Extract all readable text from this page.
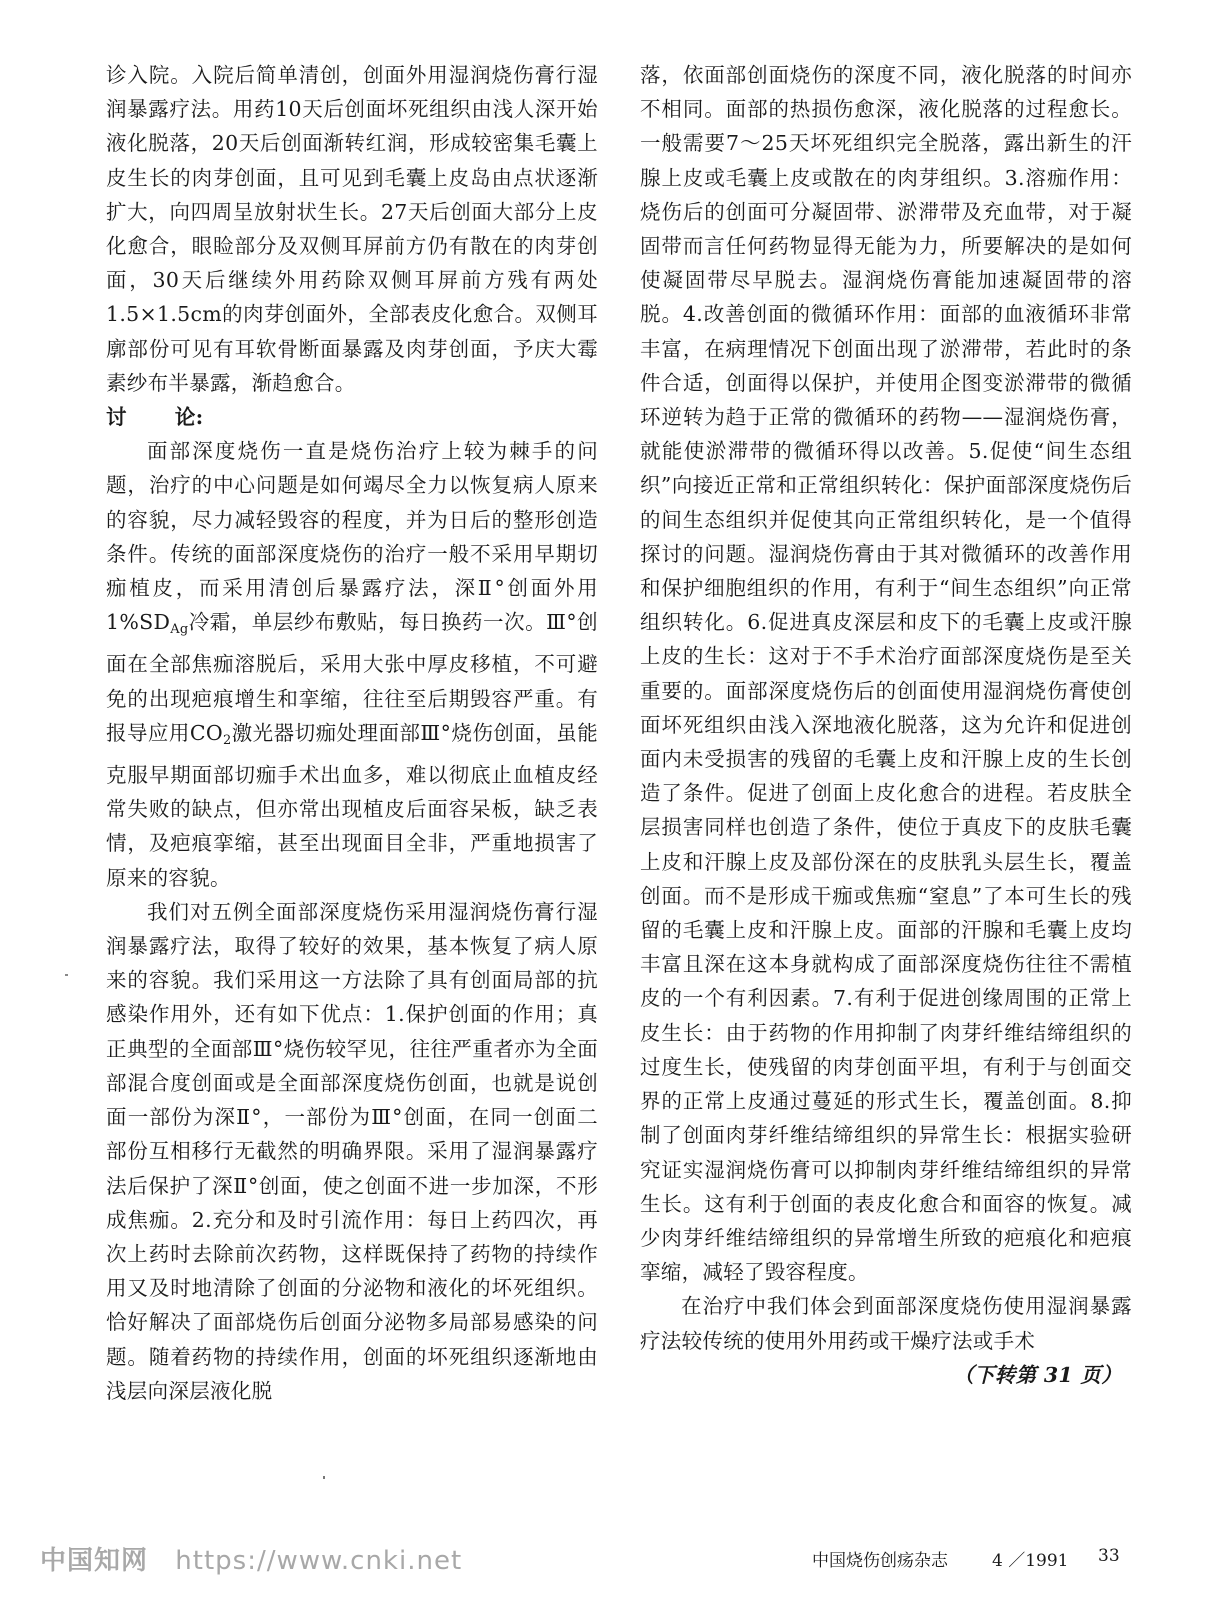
诊入院。入院后简单清创，创面外用湿润烧伤膏行湿润暴露疗法。用药10天后创面坏死组织由浅人深开始液化脱落，20天后创面渐转红润，形成较密集毛囊上皮生长的肉芽创面，且可见到毛囊上皮岛由点状逐渐扩大，向四周呈放射状生长。27天后创面大部分上皮化愈合，眼睑部分及双侧耳屏前方仍有散在的肉芽创面，30天后继续外用药除双侧耳屏前方残有两处1.5×1.5cm的肉芽创面外，全部表皮化愈合。双侧耳廓部份可见有耳软骨断面暴露及肉芽创面，予庆大霉素纱布半暴露，渐趋愈合。

讨 论:

面部深度烧伤一直是烧伤治疗上较为棘手的问题，治疗的中心问题是如何竭尽全力以恢复病人原来的容貌，尽力减轻毁容的程度，并为日后的整形创造条件。传统的面部深度烧伤的治疗一般不采用早期切痂植皮，而采用清创后暴露疗法，深Ⅱ°创面外用$1\%SD_{Ag}$冷霜，单层纱布敷贴，每日换药一次。Ⅲ°创面在全部焦痂溶脱后，采用大张中厚皮移植，不可避免的出现疤痕增生和挛缩，往往至后期毁容严重。有报导应用$CO_2$激光器切痂处理面部Ⅲ°烧伤创面，虽能克服早期面部切痂手术出血多，难以彻底止血植皮经常失败的缺点，但亦常出现植皮后面容呆板，缺乏表情，及疤痕挛缩，甚至出现面目全非，严重地损害了原来的容貌。

我们对五例全面部深度烧伤采用湿润烧伤膏行湿润暴露疗法，取得了较好的效果，基本恢复了病人原来的容貌。我们采用这一方法除了具有创面局部的抗感染作用外，还有如下优点：1.保护创面的作用；真正典型的全面部Ⅲ°烧伤较罕见，往往严重者亦为全面部混合度创面或是全面部深度烧伤创面，也就是说创面一部份为深Ⅱ°，一部份为Ⅲ°创面，在同一创面二部份互相移行无截然的明确界限。采用了湿润暴露疗法后保护了深Ⅱ°创面，使之创面不进一步加深，不形成焦痂。2.充分和及时引流作用：每日上药四次，再次上药时去除前次药物，这样既保持了药物的持续作用又及时地清除了创面的分泌物和液化的坏死组织。恰好解决了面部烧伤后创面分泌物多局部易感染的问题。随着药物的持续作用，创面的坏死组织逐渐地由浅层向深层液化脱

落，依面部创面烧伤的深度不同，液化脱落的时间亦不相同。面部的热损伤愈深，液化脱落的过程愈长。一般需要7～25天坏死组织完全脱落，露出新生的汗腺上皮或毛囊上皮或散在的肉芽组织。3.溶痂作用：烧伤后的创面可分凝固带、淤滞带及充血带，对于凝固带而言任何药物显得无能为力，所要解决的是如何使凝固带尽早脱去。湿润烧伤膏能加速凝固带的溶脱。4.改善创面的微循环作用：面部的血液循环非常丰富，在病理情况下创面出现了淤滞带，若此时的条件合适，创面得以保护，并使用企图变淤滞带的微循环逆转为趋于正常的微循环的药物——湿润烧伤膏，就能使淤滞带的微循环得以改善。5.促使“间生态组织”向接近正常和正常组织转化：保护面部深度烧伤后的间生态组织并促使其向正常组织转化，是一个值得探讨的问题。湿润烧伤膏由于其对微循环的改善作用和保护细胞组织的作用，有利于“间生态组织”向正常组织转化。6.促进真皮深层和皮下的毛囊上皮或汗腺上皮的生长：这对于不手术治疗面部深度烧伤是至关重要的。面部深度烧伤后的创面使用湿润烧伤膏使创面坏死组织由浅入深地液化脱落，这为允许和促进创面内未受损害的残留的毛囊上皮和汗腺上皮的生长创造了条件。促进了创面上皮化愈合的进程。若皮肤全层损害同样也创造了条件，使位于真皮下的皮肤毛囊上皮和汗腺上皮及部份深在的皮肤乳头层生长，覆盖创面。而不是形成干痂或焦痂“窒息”了本可生长的残留的毛囊上皮和汗腺上皮。面部的汗腺和毛囊上皮均丰富且深在这本身就构成了面部深度烧伤往往不需植皮的一个有利因素。7.有利于促进创缘周围的正常上皮生长：由于药物的作用抑制了肉芽纤维结缔组织的过度生长，使残留的肉芽创面平坦，有利于与创面交界的正常上皮通过蔓延的形式生长，覆盖创面。8.抑制了创面肉芽纤维结缔组织的异常生长：根据实验研究证实湿润烧伤膏可以抑制肉芽纤维结缔组织的异常生长。这有利于创面的表皮化愈合和面容的恢复。减少肉芽纤维结缔组织的异常增生所致的疤痕化和疤痕挛缩，减轻了毁容程度。

在治疗中我们体会到面部深度烧伤使用湿润暴露疗法较传统的使用外用药或干燥疗法或手术

（下转第 31 页）

中国烧伤创疡杂志	4 ／1991 33
中国知网 https://www.cnki.net
